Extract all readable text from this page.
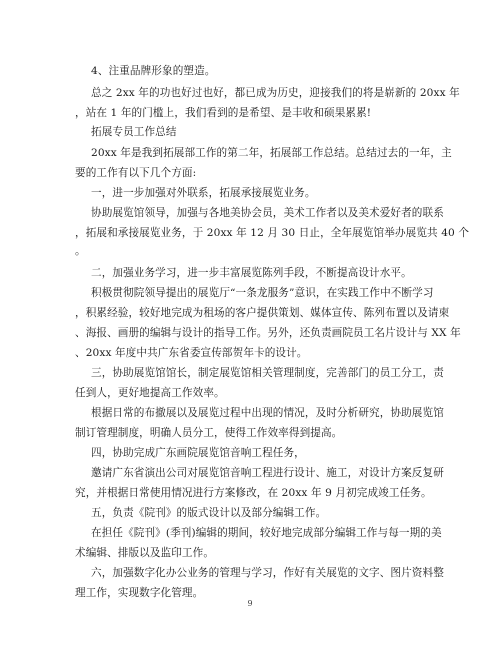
4、注重品牌形象的塑造。
总之 2xx 年的功也好过也好，都已成为历史，迎接我们的将是崭新的 20xx 年
，站在 1 年的门槛上，我们看到的是希望、是丰收和硕果累累!
拓展专员工作总结
20xx 年是我到拓展部工作的第二年，拓展部工作总结。总结过去的一年，主
要的工作有以下几个方面:
一，进一步加强对外联系，拓展承接展览业务。
协助展览馆领导，加强与各地美协会员，美术工作者以及美术爱好者的联系
，拓展和承接展览业务，于 20xx 年 12 月 30 日止，全年展览馆举办展览共 40 个
。
二，加强业务学习，进一步丰富展览陈列手段，不断提高设计水平。
积极贯彻院领导提出的展览厅“一条龙服务”意识，在实践工作中不断学习
，积累经验，较好地完成为租场的客户提供策划、媒体宣传、陈列布置以及请柬
、海报、画册的编辑与设计的指导工作。另外，还负责画院员工名片设计与 XX 年
、20xx 年度中共广东省委宣传部贺年卡的设计。
三，协助展览馆馆长，制定展览馆相关管理制度，完善部门的员工分工，责
任到人，更好地提高工作效率。
根据日常的布撤展以及展览过程中出现的情况，及时分析研究，协助展览馆
制订管理制度，明确人员分工，使得工作效率得到提高。
四，协助完成广东画院展览馆音响工程任务，
邀请广东省演出公司对展览馆音响工程进行设计、施工，对设计方案反复研
究，并根据日常使用情况进行方案修改，在 20xx 年 9 月初完成竣工任务。
五，负责《院刊》的版式设计以及部分编辑工作。
在担任《院刊》(季刊)编辑的期间，较好地完成部分编辑工作与每一期的美
术编辑、排版以及监印工作。
六，加强数字化办公业务的管理与学习，作好有关展览的文字、图片资料整
理工作，实现数字化管理。
9
